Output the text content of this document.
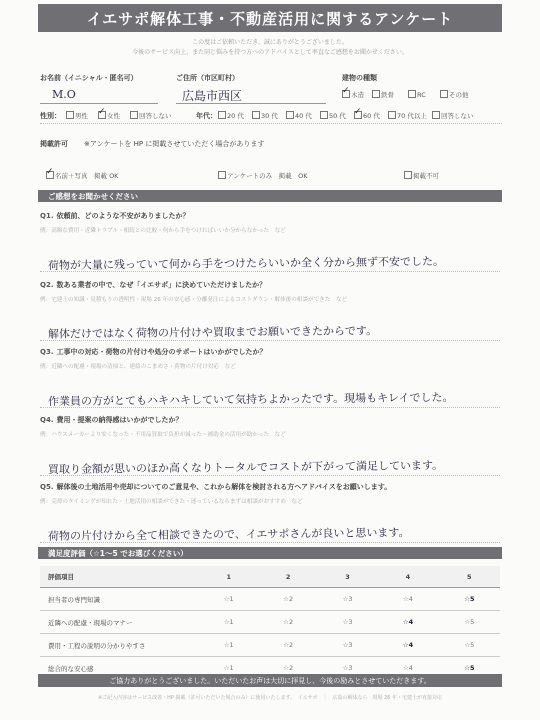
イエサポ解体工事・不動産活用に関するアンケート
この度はご依頼いただき、誠にありがとうございました。
今後のサービス向上、また同じ悩みを持つ方へのアドバイスとして率直なご感想をお聞かせください。
お名前（イニシャル・匿名可）
M.O
ご住所（市区町村）
広島市西区
建物の種類
✓木造	鉄骨	RC	その他
性別：	男性 ✓	女性	回答しない	年代：	20 代	30 代	40 代	50 代 ✓	60 代	70 代以上	回答しない
掲載許可 ※アンケートを HP に掲載させていただく場合があります
✓名前＋写真　掲載 OK	アンケートのみ　掲載　OK	掲載不可
ご感想をお聞かせください
Q1. 依頼前、どのような不安がありましたか？
例：高額な費用・近隣トラブル・相続との比較・何から手をつければいいか分からなかった　など
荷物が大量に残っていて何から手をつけたらいいか全く分から無ず不安でした。
Q2. 数ある業者の中で、なぜ「イエサポ」に決めていただけましたか？
例：宅建士の知識・見積もりの透明性・現場 26 年の安心感・分離発注によるコストダウン・解体後の相談ができた　など
解体だけではなく荷物の片付けや買取までお願いできたからです。
Q3. 工事中の対応・荷物の片付けや処分のサポートはいかがでしたか？
例：近隣への配慮・現場の清掃と、連絡のこまめさ・荷物の片付け対応　など
作業員の方がとてもハキハキしていて気持ちよかったです。現場もキレイでした。
Q4. 費用・提案の納得感はいかがでしたか？
例：ハウスメーカーより安くなった・不用品買取で負担が減った・補助金の活用が助かった　など
買取り金額が思いのほか高くなりトータルでコストが下がって満足しています。
Q5. 解体後の土地活用や売却についてのご意見や、これから解体を検討される方へアドバイスをお願いします。
例：売却のタイミングが知れた・土地活用の相談ができた・迷っているならまずは相談がおすすめ　など
荷物の片付けから全て相談できたので、イエサポさんが良いと思います。
満足度評価（☆1〜5 でお選びください）
評価項目	1	2	3	4	5
担当者の専門知識	☆1	☆2	☆3	☆4	☆5
近隣への配慮・現場のマナー	☆1	☆2	☆3	☆4	☆5
費用・工程の説明の分かりやすさ	☆1	☆2	☆3	☆4	☆5
総合的な安心感	☆1	☆2	☆3	☆4	☆5
ご協力ありがとうございました。いただいたお声は大切に拝見し、今後の励みとさせていただきます。
※ご記入内容はサービス改善・HP 掲載（許可いただいた場合のみ）に使用いたします。　イエサポ　｜　広島の解体なら　現場 26 年・宅建士が直接対応
